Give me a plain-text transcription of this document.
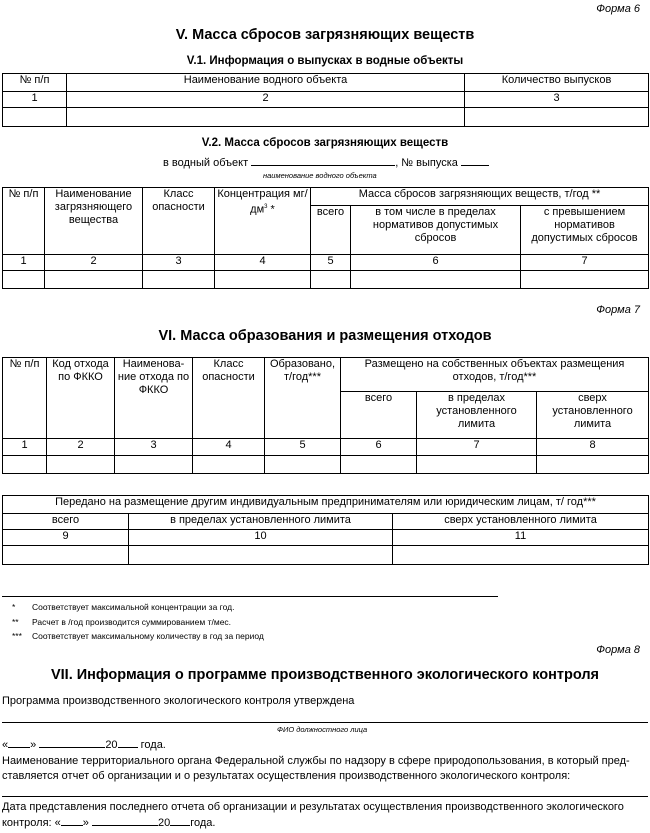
Форма 6
V. Масса сбросов загрязняющих веществ
V.1. Информация о выпусках в водные объекты
№ п/п	Наименование водного объекта	Количество выпусков
1	2	3

V.2. Масса сбросов загрязняющих веществ
в водный объект	, № выпуска
наименование водного объекта
№ п/п	Наименование загрязняющего вещества	Класс опасности	Концентрация $мг/дм^3$ *	Масса сбросов загрязняющих веществ, т/год **		
				всего	в том числе в пределах нормативов допустимых сбросов	с превышением нормативов допустимых сбросов
1	2	3	4	5	6	7

Форма 7
VI. Масса образования и размещения отходов
№ п/п	Код отхода по ФККО	Наименова-ние отхода по ФККО	Класс опасности	Образовано, т/год***	Размещено на собственных объектах размещения отходов, т/год***		
					всего	в пределах установленного лимита	сверх установленного лимита
1	2	3	4	5	6	7	8

Передано на размещение другим индивидуальным предпринимателям или юридическим лицам, т/ год***		
всего	в пределах установленного лимита	сверх установленного лимита
9	10	11

* Соответствует максимальной концентрации за год.
** Расчет в /год производится суммированием т/мес.
*** Соответствует максимальному количеству в год за период
Форма 8
VII. Информация о программе производственного экологического контроля
Программа производственного экологического контроля утверждена
ФИО должностного лица
« »	20 года.
Наименование территориального органа Федеральной службы по надзору в сфере природопользования, в который пред-
ставляется отчет об организации и о результатах осуществления производственного экологического контроля:
Дата представления последнего отчета об организации и результатах осуществления производственного экологического
контроля: « »	20 года.
